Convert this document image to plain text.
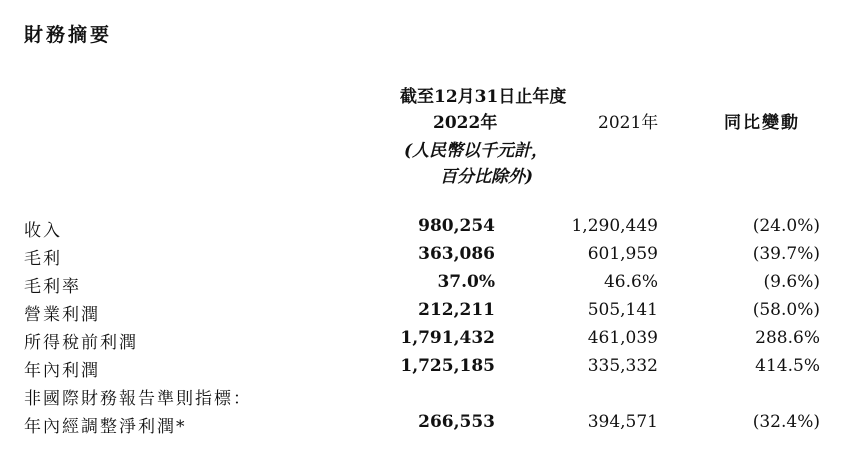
財務摘要
截至12月31日止年度
2022年	2021年	同比變動
(人民幣以千元計，
百分比除外)
收入	980,254	1,290,449	(24.0%)
毛利	363,086	601,959	(39.7%)
毛利率	37.0%	46.6%	(9.6%)
營業利潤	212,211	505,141	(58.0%)
所得稅前利潤	1,791,432	461,039	288.6%
年內利潤	1,725,185	335,332	414.5%
非國際財務報告準則指標：
年內經調整淨利潤*	266,553	394,571	(32.4%)
